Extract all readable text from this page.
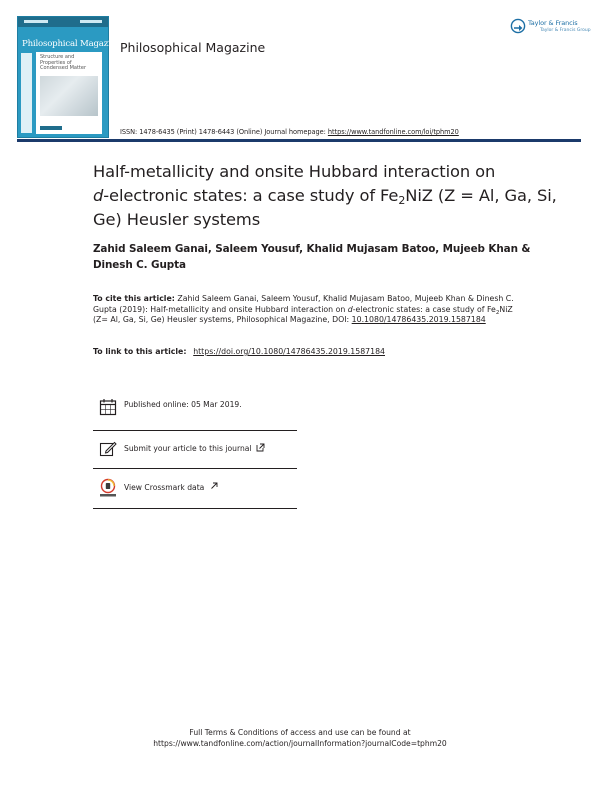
Philosophical Magazine
Structure and Properties of Condensed Matter
Philosophical Magazine
Taylor & Francis
Taylor & Francis Group
ISSN: 1478-6435 (Print) 1478-6443 (Online) Journal homepage: https://www.tandfonline.com/loi/tphm20
Half-metallicity and onsite Hubbard interaction on
d-electronic states: a case study of $Fe_2NiZ$ (Z = Al, Ga, Si, Ge) Heusler systems
Zahid Saleem Ganai, Saleem Yousuf, Khalid Mujasam Batoo, Mujeeb Khan & Dinesh C. Gupta
To cite this article: Zahid Saleem Ganai, Saleem Yousuf, Khalid Mujasam Batoo, Mujeeb Khan & Dinesh C. Gupta (2019): Half-metallicity and onsite Hubbard interaction on d-electronic states: a case study of $Fe_2NiZ$ (Z= Al, Ga, Si, Ge) Heusler systems, Philosophical Magazine, DOI: 10.1080/14786435.2019.1587184
To link to this article: https://doi.org/10.1080/14786435.2019.1587184
Published online: 05 Mar 2019.
Submit your article to this journal
View Crossmark data
Full Terms & Conditions of access and use can be found at
https://www.tandfonline.com/action/journalInformation?journalCode=tphm20
